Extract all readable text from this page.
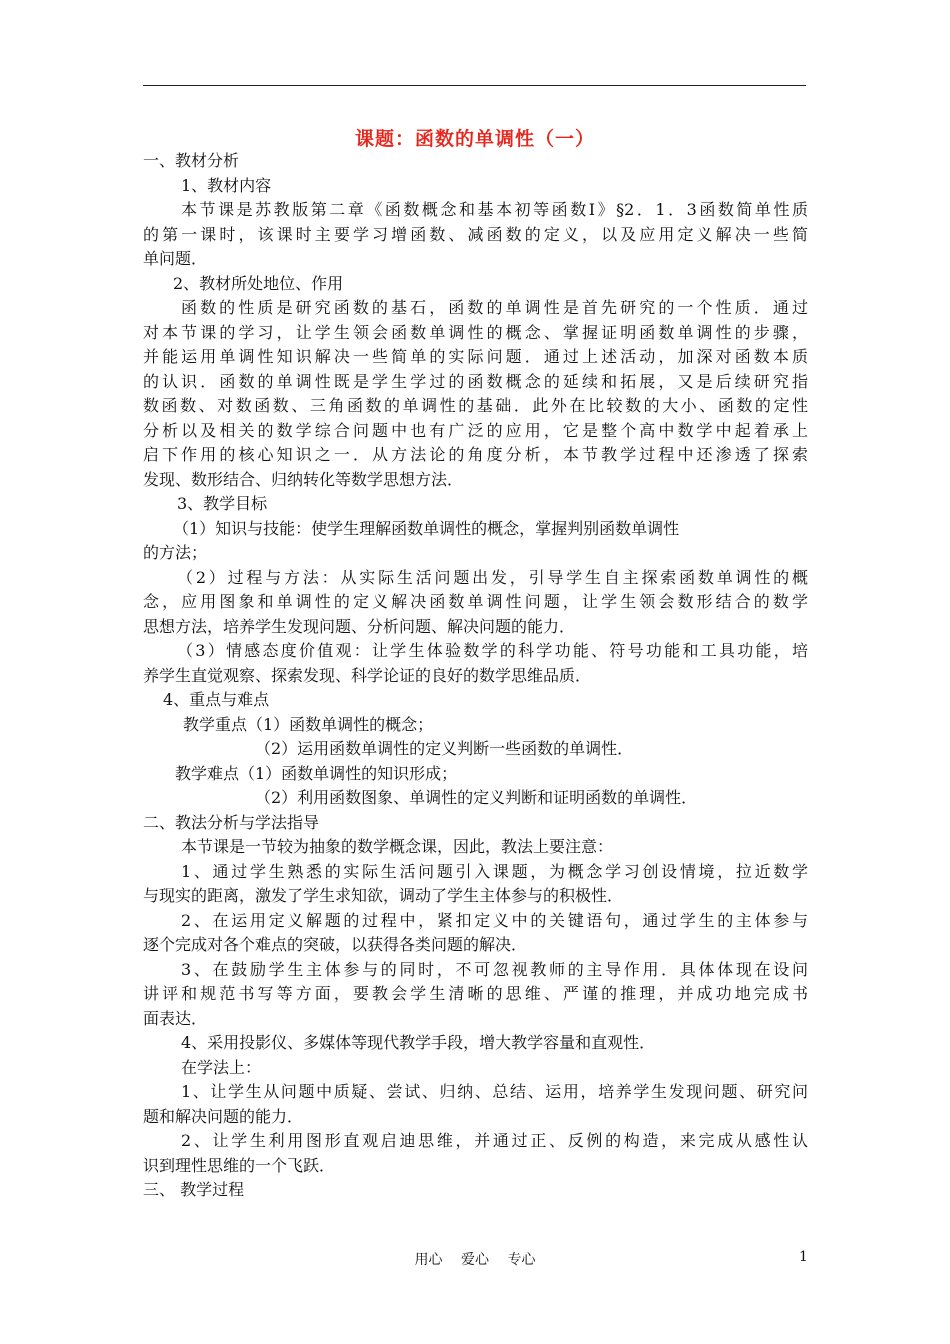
课题：函数的单调性（一）
一、教材分析
1、教材内容
本节课是苏教版第二章《函数概念和基本初等函数Ⅰ》§2．1．3函数简单性质
的第一课时，该课时主要学习增函数、减函数的定义，以及应用定义解决一些简
单问题．
2、教材所处地位、作用
函数的性质是研究函数的基石，函数的单调性是首先研究的一个性质．通过
对本节课的学习，让学生领会函数单调性的概念、掌握证明函数单调性的步骤，
并能运用单调性知识解决一些简单的实际问题．通过上述活动，加深对函数本质
的认识．函数的单调性既是学生学过的函数概念的延续和拓展，又是后续研究指
数函数、对数函数、三角函数的单调性的基础．此外在比较数的大小、函数的定性
分析以及相关的数学综合问题中也有广泛的应用，它是整个高中数学中起着承上
启下作用的核心知识之一．从方法论的角度分析，本节教学过程中还渗透了探索
发现、数形结合、归纳转化等数学思想方法．
3、教学目标
（1）知识与技能：使学生理解函数单调性的概念，掌握判别函数单调性
的方法；
（2）过程与方法：从实际生活问题出发，引导学生自主探索函数单调性的概
念，应用图象和单调性的定义解决函数单调性问题，让学生领会数形结合的数学
思想方法，培养学生发现问题、分析问题、解决问题的能力．
（3）情感态度价值观：让学生体验数学的科学功能、符号功能和工具功能，培
养学生直觉观察、探索发现、科学论证的良好的数学思维品质．
4、重点与难点
教学重点（1）函数单调性的概念；
（2）运用函数单调性的定义判断一些函数的单调性．
教学难点（1）函数单调性的知识形成；
（2）利用函数图象、单调性的定义判断和证明函数的单调性．
二、教法分析与学法指导
本节课是一节较为抽象的数学概念课，因此，教法上要注意：
1、通过学生熟悉的实际生活问题引入课题，为概念学习创设情境，拉近数学
与现实的距离，激发了学生求知欲，调动了学生主体参与的积极性．
2、在运用定义解题的过程中，紧扣定义中的关键语句，通过学生的主体参与
逐个完成对各个难点的突破，以获得各类问题的解决．
3、在鼓励学生主体参与的同时，不可忽视教师的主导作用．具体体现在设问
讲评和规范书写等方面，要教会学生清晰的思维、严谨的推理，并成功地完成书
面表达．
4、采用投影仪、多媒体等现代教学手段，增大教学容量和直观性．
在学法上：
1、让学生从问题中质疑、尝试、归纳、总结、运用，培养学生发现问题、研究问
题和解决问题的能力．
2、让学生利用图形直观启迪思维，并通过正、反例的构造，来完成从感性认
识到理性思维的一个飞跃．
三、 教学过程
用心 爱心 专心	1
